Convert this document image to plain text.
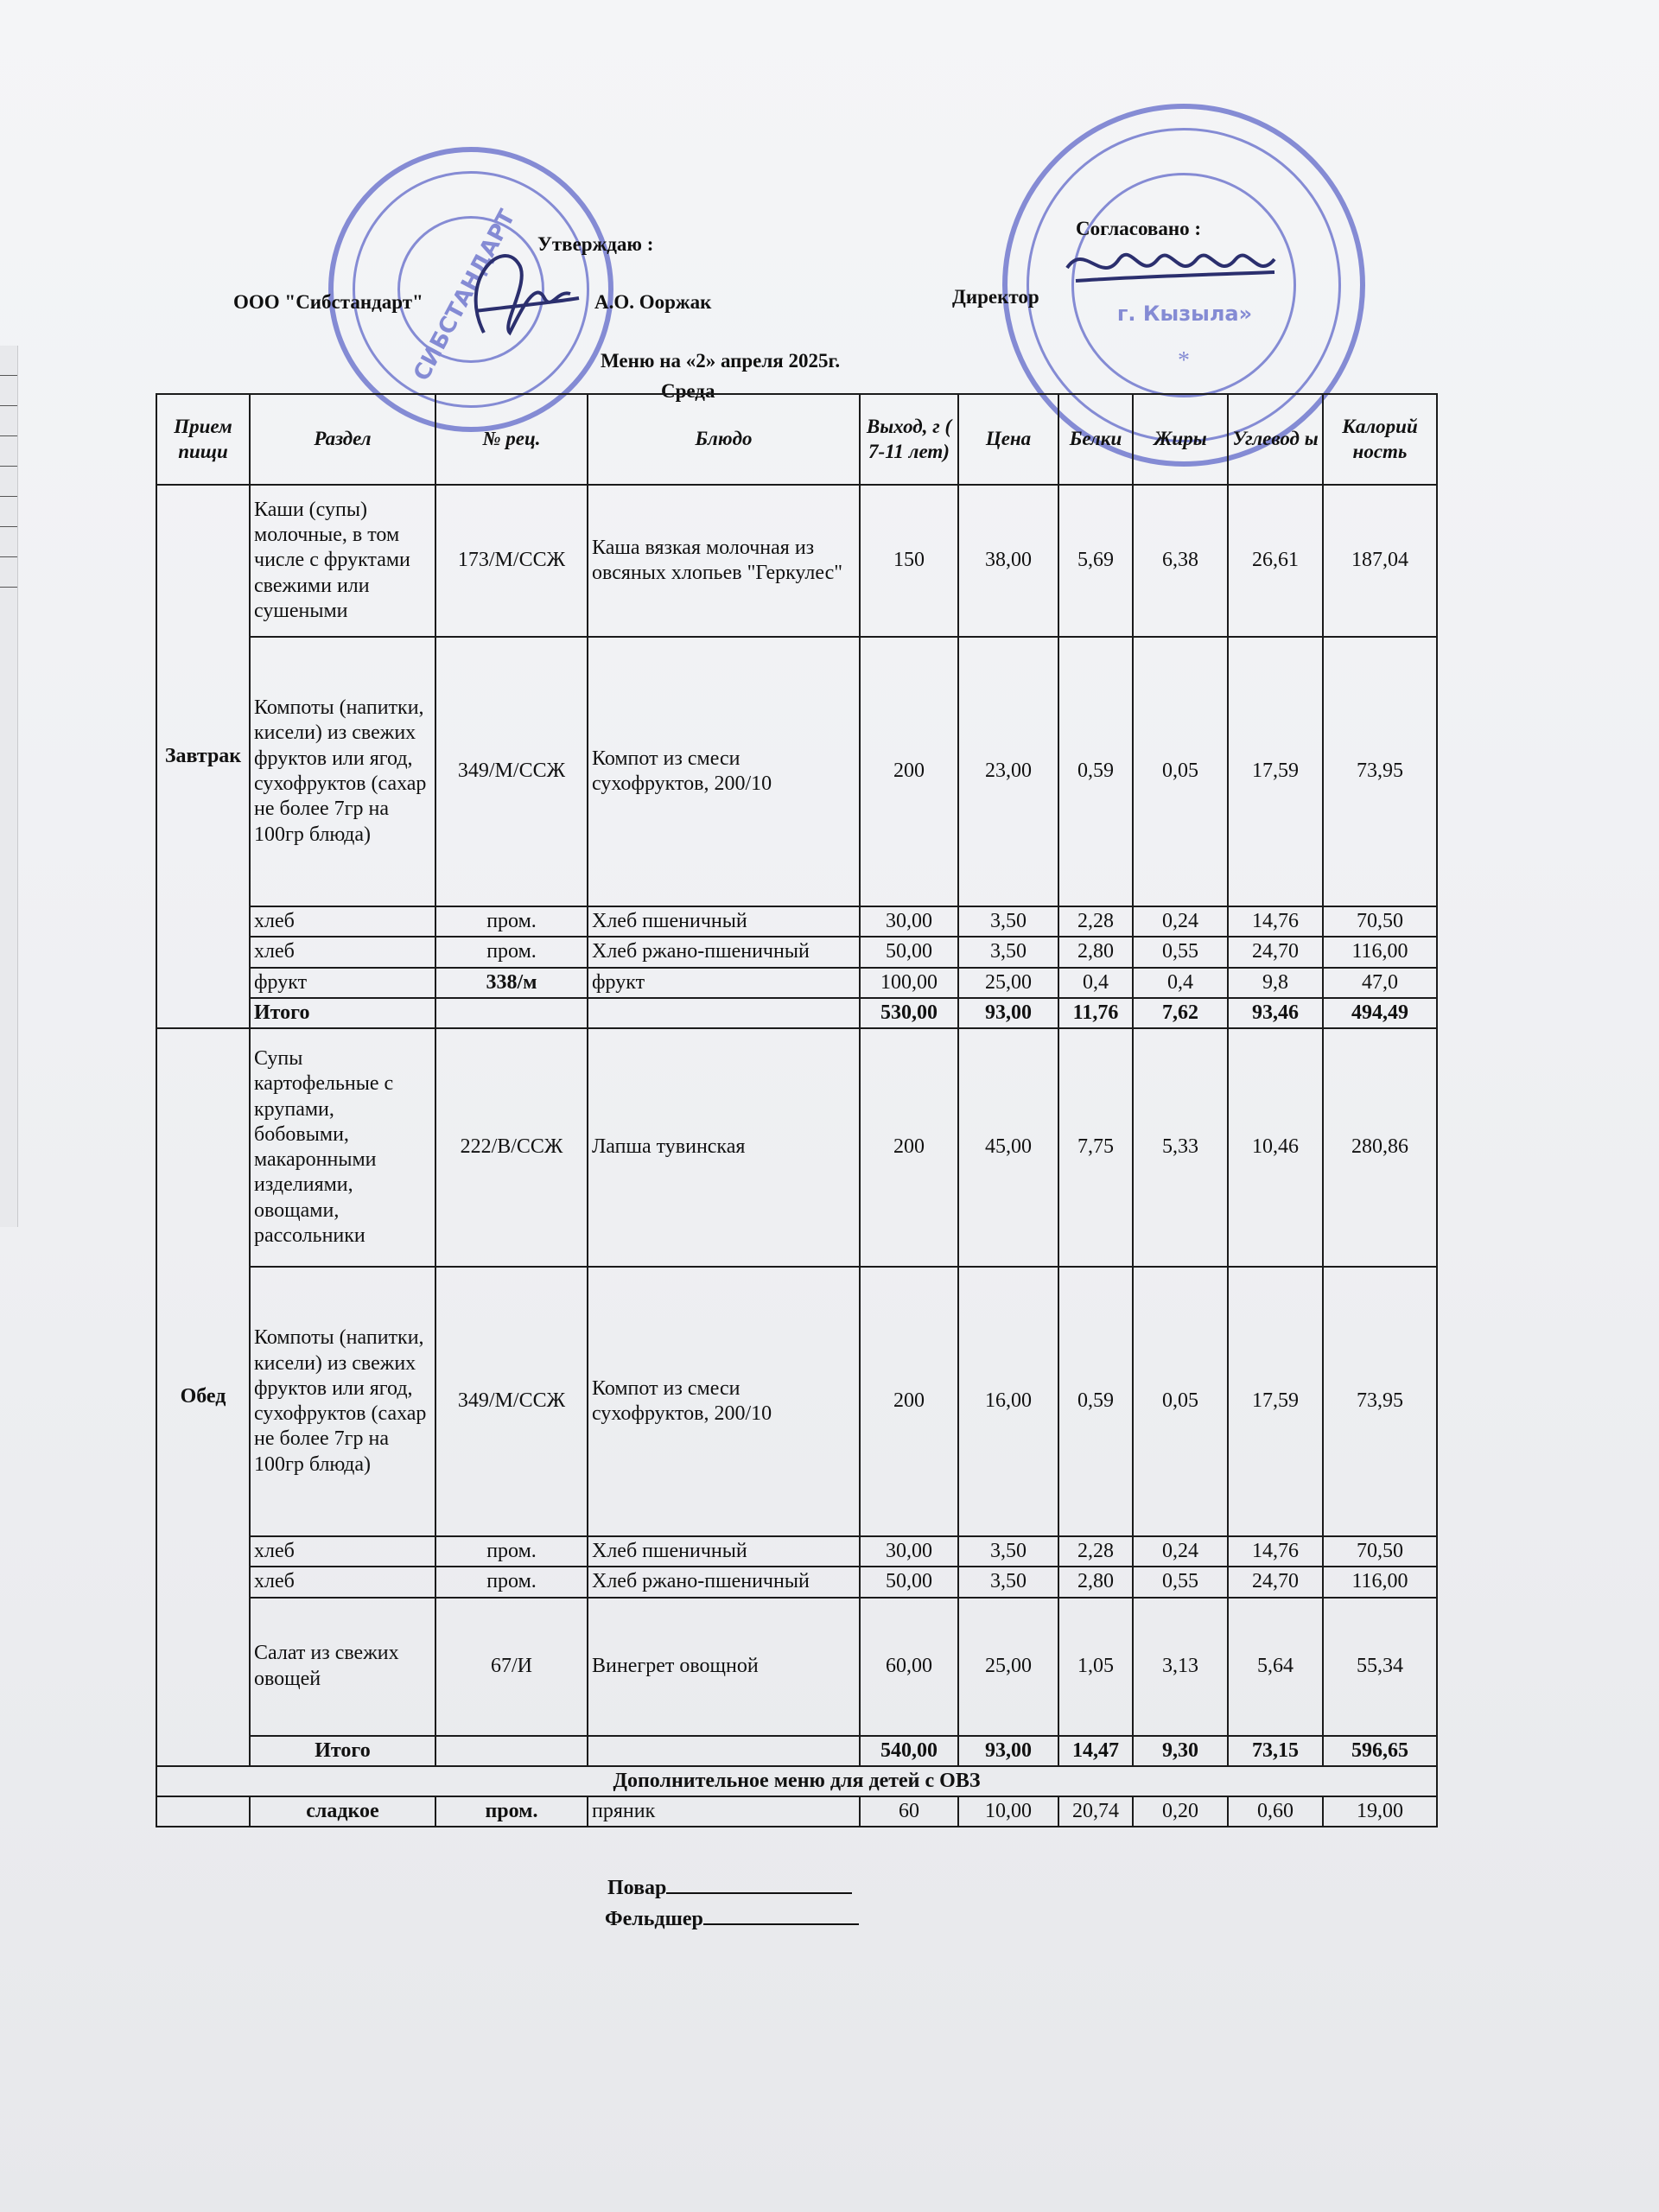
СИБСТАНДАРТ	г. Кызыла»
*
Утверждаю :
ООО "Сибстандарт"	А.О. Ооржак
Согласовано :
Директор
Меню на «2» апреля 2025г.
Среда
Прием пищи	Раздел	№ рец.	Блюдо	Выход, г ( 7-11 лет)	Цена	Белки	Жиры	Углевод ы	Калорий ность
Завтрак	Каши (супы) молочные, в том числе с фруктами свежими или сушеными	173/М/ССЖ	Каша вязкая молочная из овсяных хлопьев "Геркулес"	150	38,00	5,69	6,38	26,61	187,04
	Компоты (напитки, кисели) из свежих фруктов или ягод, сухофруктов (сахар не более 7гр на 100гр блюда)	349/М/ССЖ	Компот из смеси сухофруктов, 200/10	200	23,00	0,59	0,05	17,59	73,95
	хлеб	пром.	Хлеб пшеничный	30,00	3,50	2,28	0,24	14,76	70,50
	хлеб	пром.	Хлеб ржано-пшеничный	50,00	3,50	2,80	0,55	24,70	116,00
	фрукт	338/м	фрукт	100,00	25,00	0,4	0,4	9,8	47,0
	Итого			530,00	93,00	11,76	7,62	93,46	494,49
Обед	Супы картофельные с крупами, бобовыми, макаронными изделиями, овощами, рассольники	222/В/ССЖ	Лапша тувинская	200	45,00	7,75	5,33	10,46	280,86
	Компоты (напитки, кисели) из свежих фруктов или ягод, сухофруктов (сахар не более 7гр на 100гр блюда)	349/М/ССЖ	Компот из смеси сухофруктов, 200/10	200	16,00	0,59	0,05	17,59	73,95
	хлеб	пром.	Хлеб пшеничный	30,00	3,50	2,28	0,24	14,76	70,50
	хлеб	пром.	Хлеб ржано-пшеничный	50,00	3,50	2,80	0,55	24,70	116,00
	Салат из свежих овощей	67/И	Винегрет овощной	60,00	25,00	1,05	3,13	5,64	55,34
	Итого			540,00	93,00	14,47	9,30	73,15	596,65
Дополнительное меню для детей с ОВЗ									
	сладкое	пром.	пряник	60	10,00	20,74	0,20	0,60	19,00
Повар
Фельдшер
